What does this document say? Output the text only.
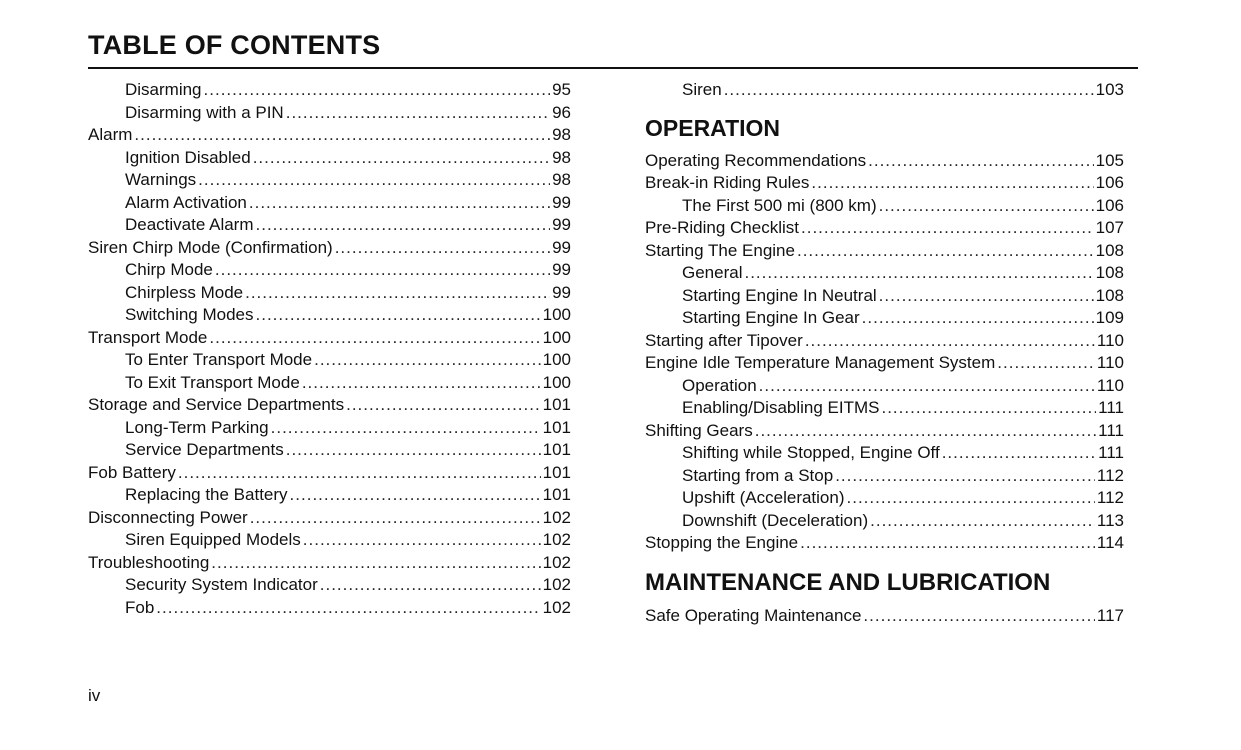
TABLE OF CONTENTS
Disarming .....	95
Disarming with a PIN .....	96
Alarm .....	98
Ignition Disabled .....	98
Warnings .....	98
Alarm Activation .....	99
Deactivate Alarm .....	99
Siren Chirp Mode (Confirmation) .....	99
Chirp Mode .....	99
Chirpless Mode .....	99
Switching Modes .....	100
Transport Mode .....	100
To Enter Transport Mode .....	100
To Exit Transport Mode .....	100
Storage and Service Departments .....	101
Long-Term Parking .....	101
Service Departments .....	101
Fob Battery .....	101
Replacing the Battery .....	101
Disconnecting Power .....	102
Siren Equipped Models .....	102
Troubleshooting .....	102
Security System Indicator .....	102
Fob .....	102
Siren .....	103
OPERATION
Operating Recommendations .....	105
Break-in Riding Rules .....	106
The First 500 mi (800 km) .....	106
Pre-Riding Checklist .....	107
Starting The Engine .....	108
General .....	108
Starting Engine In Neutral .....	108
Starting Engine In Gear .....	109
Starting after Tipover .....	110
Engine Idle Temperature Management System .....	110
Operation .....	110
Enabling/Disabling EITMS .....	111
Shifting Gears .....	111
Shifting while Stopped, Engine Off .....	111
Starting from a Stop .....	112
Upshift (Acceleration) .....	112
Downshift (Deceleration) .....	113
Stopping the Engine .....	114
MAINTENANCE AND LUBRICATION
Safe Operating Maintenance .....	117
iv
